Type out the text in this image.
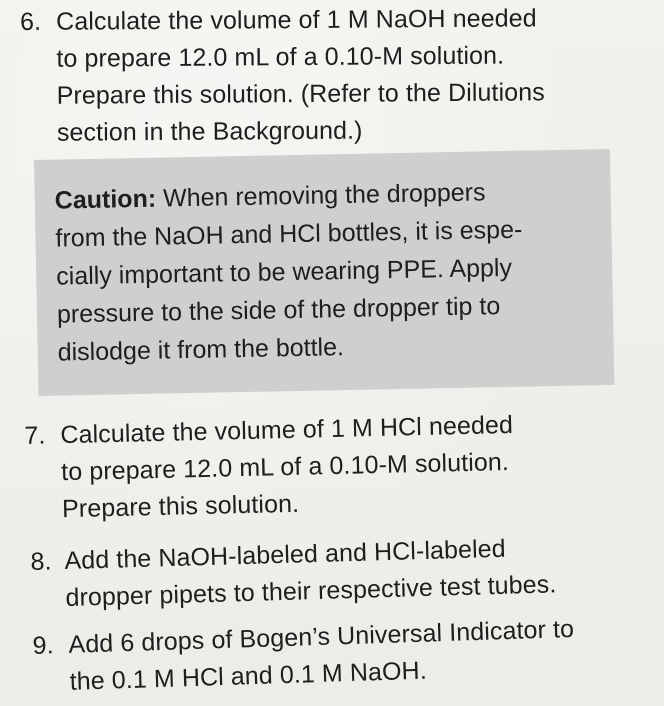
6. Calculate the volume of 1 M NaOH needed
to prepare 12.0 mL of a 0.10-M solution.
Prepare this solution. (Refer to the Dilutions
section in the Background.)
Caution: When removing the droppers
from the NaOH and HCl bottles, it is espe-
cially important to be wearing PPE. Apply
pressure to the side of the dropper tip to
dislodge it from the bottle.
7. Calculate the volume of 1 M HCl needed
to prepare 12.0 mL of a 0.10-M solution.
Prepare this solution.
8. Add the NaOH-labeled and HCl-labeled
dropper pipets to their respective test tubes.
9. Add 6 drops of Bogen’s Universal Indicator to
the 0.1 M HCl and 0.1 M NaOH.
